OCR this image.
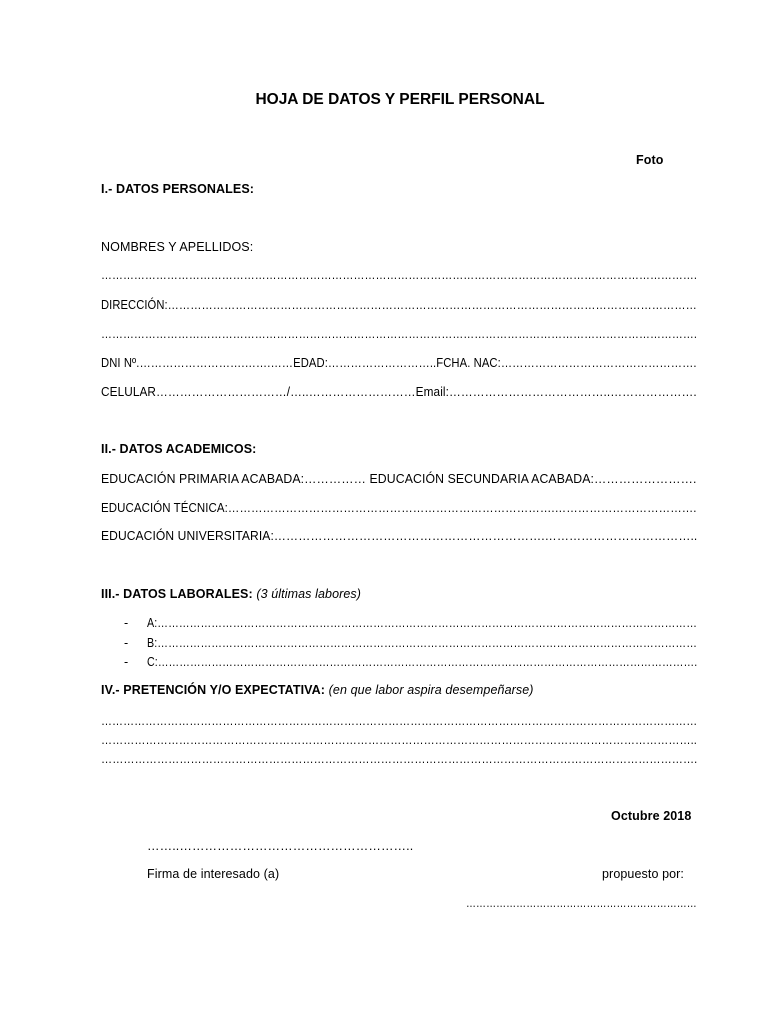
HOJA DE DATOS Y PERFIL PERSONAL
Foto
I.- DATOS PERSONALES:
NOMBRES Y APELLIDOS:
……………………………………………………………………………………………………………………………………………….
DIRECCIÓN:……………………………………………………………………………………………………………………………
……………………………………………………………………………………………………………………………………………….
DNI Nº.……………………….…….……EDAD:………………………..FCHA. NAC:…………………………………………….
CELULAR……………………………/…..………………………Email:…………………………………..………………….
II.- DATOS ACADEMICOS:
EDUCACIÓN PRIMARIA ACABADA:…………… EDUCACIÓN SECUNDARIA ACABADA:…………………….
EDUCACIÓN TÉCNICA:………………………………………………………………………….……………………………….
EDUCACIÓN UNIVERSITARIA:………………………………………………………….………………………………..
III.- DATOS LABORALES: (3 últimas labores)
- A:……………………………………………………………………………………………………………………………………
- B:……………………………………………………………………………………………………………………………………
- C:…………………………………………………………………………………………………………………………………….
IV.- PRETENCIÓN Y/O EXPECTATIVA: (en que labor aspira desempeñarse)
………………………………………………………………………………………………………………………………………………
……………………………………………………………………………………………………………………………………………..
…………………………………………………………………………………………………………………………………………….
Octubre 2018
……..………………………………………………..
Firma de interesado (a)	propuesto por:
……………………………………………………………
